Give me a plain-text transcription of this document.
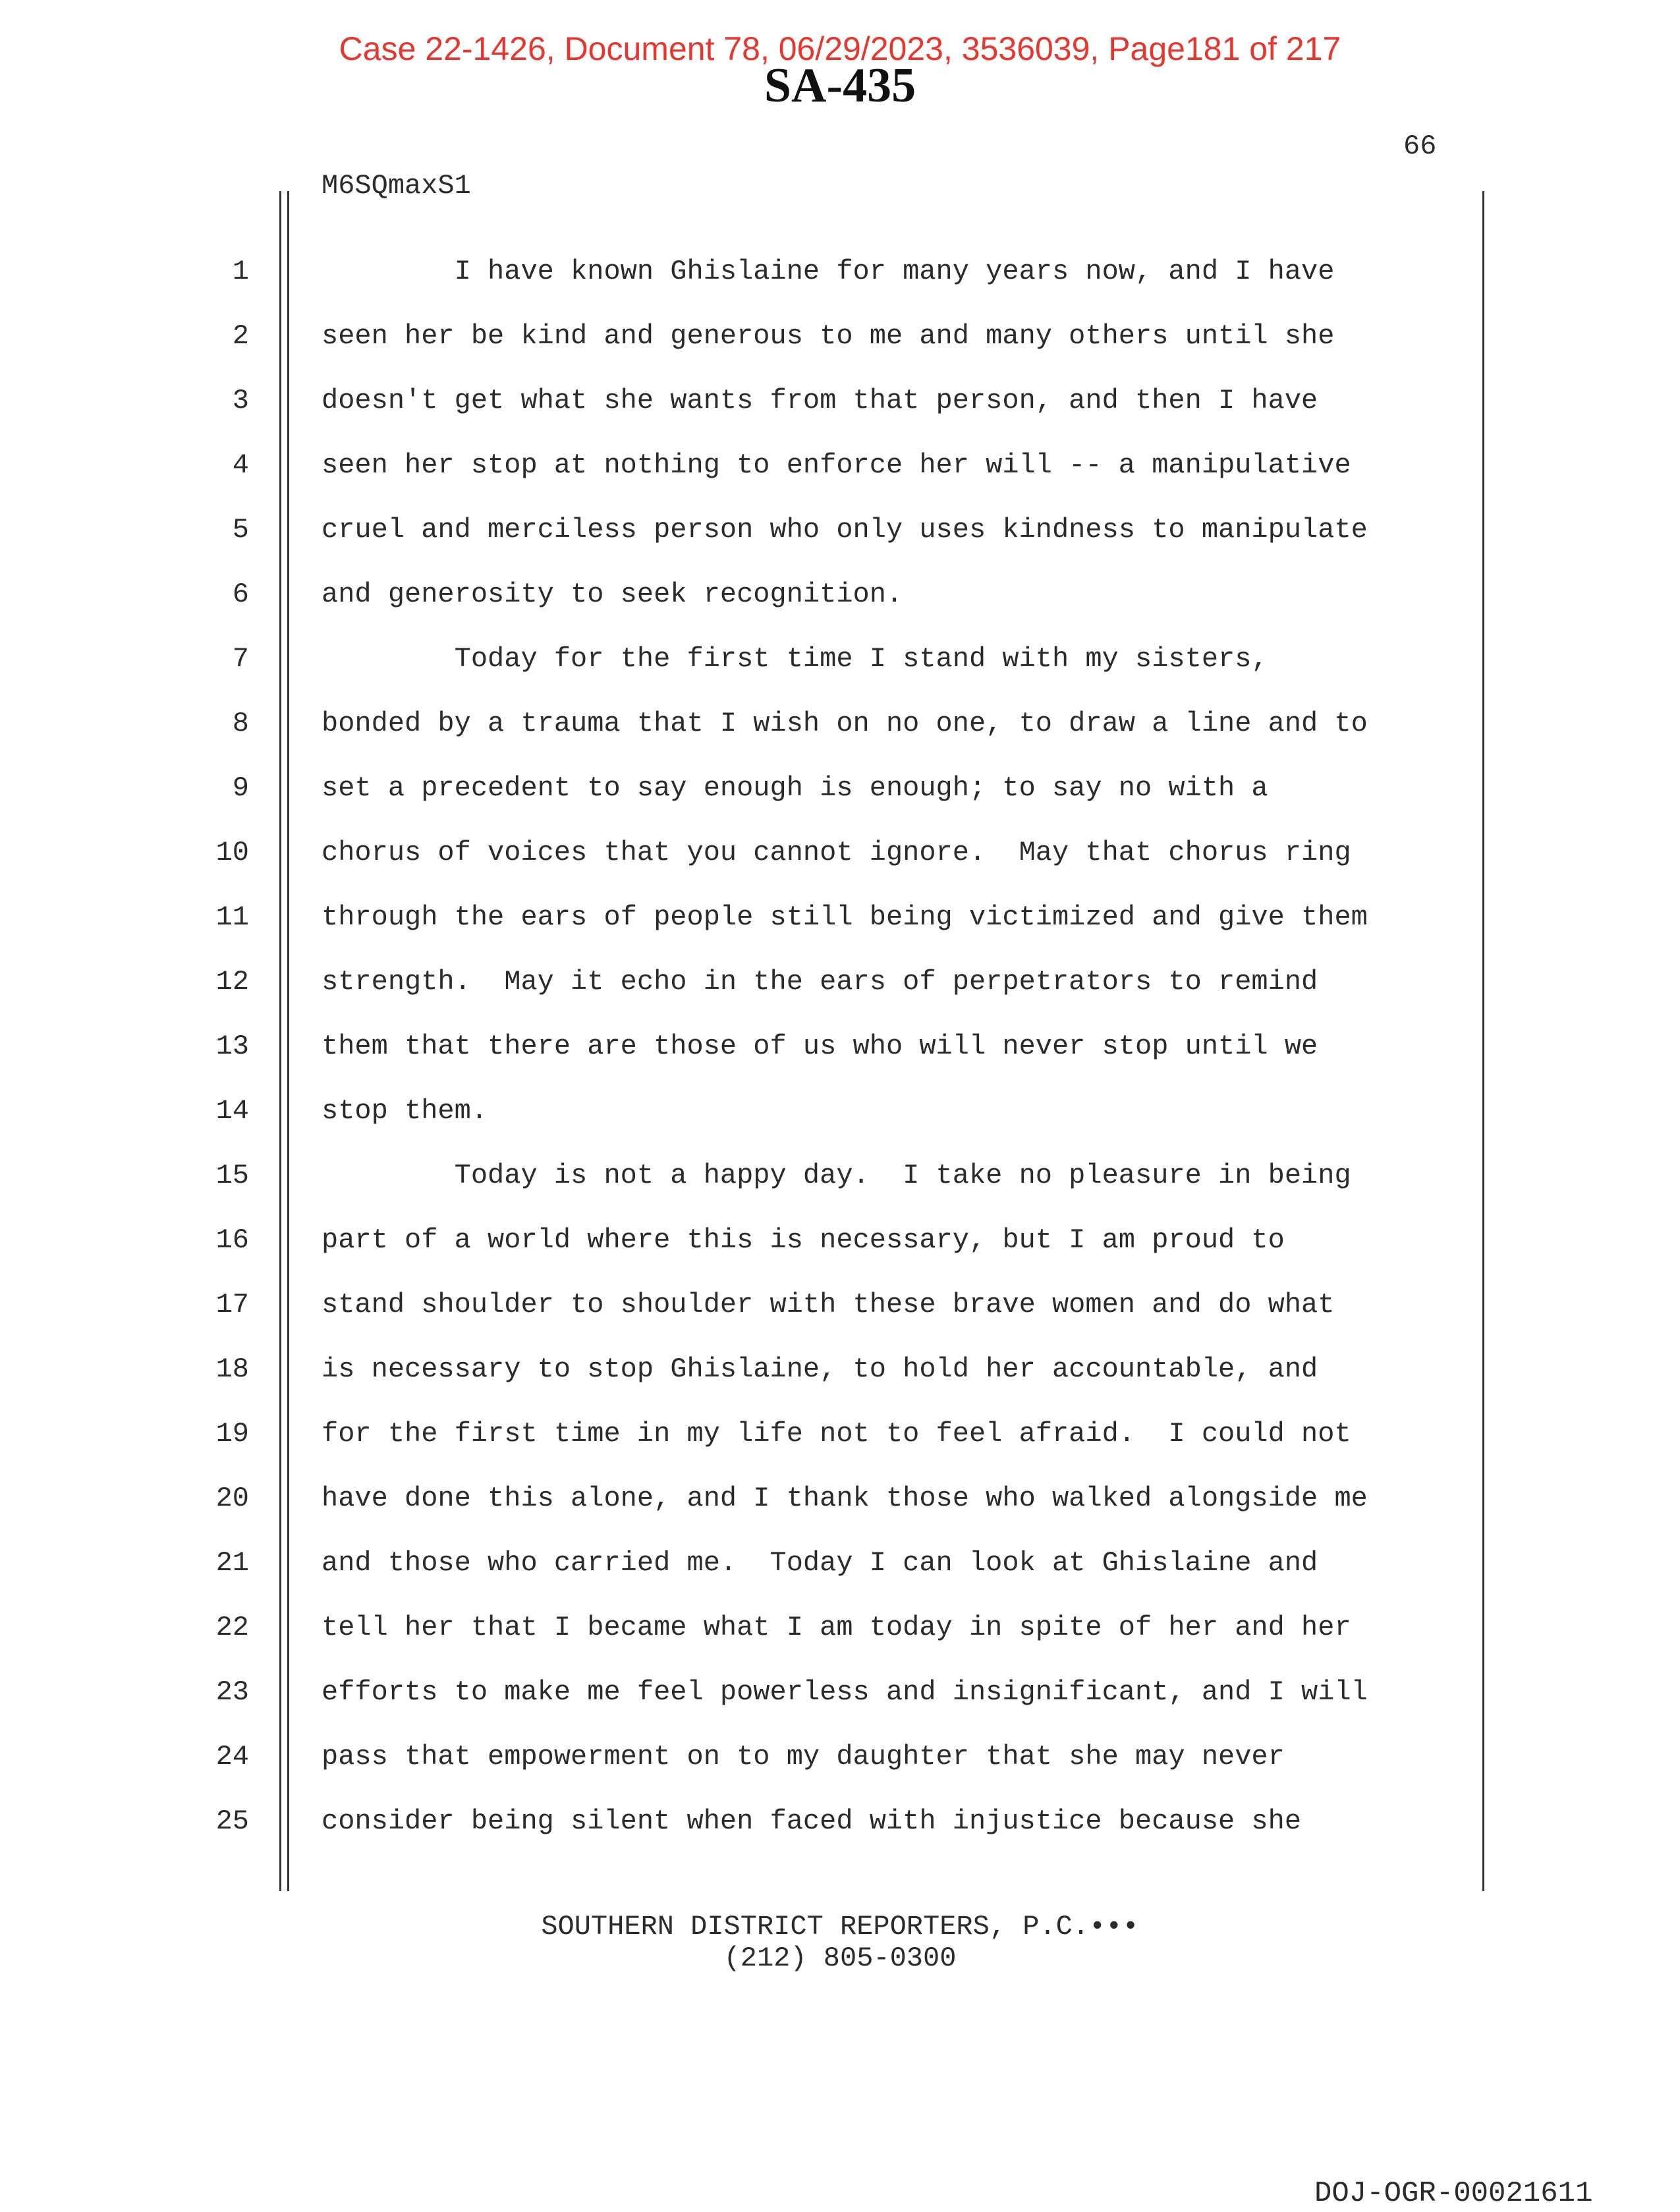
Case 22-1426, Document 78, 06/29/2023, 3536039, Page181 of 217
SA-435
66
M6SQmaxS1
1	I have known Ghislaine for many years now, and I have
2	seen her be kind and generous to me and many others until she
3	doesn't get what she wants from that person, and then I have
4	seen her stop at nothing to enforce her will -- a manipulative
5	cruel and merciless person who only uses kindness to manipulate
6	and generosity to seek recognition.
7	Today for the first time I stand with my sisters,
8	bonded by a trauma that I wish on no one, to draw a line and to
9	set a precedent to say enough is enough; to say no with a
10	chorus of voices that you cannot ignore.  May that chorus ring
11	through the ears of people still being victimized and give them
12	strength.  May it echo in the ears of perpetrators to remind
13	them that there are those of us who will never stop until we
14	stop them.
15	Today is not a happy day.  I take no pleasure in being
16	part of a world where this is necessary, but I am proud to
17	stand shoulder to shoulder with these brave women and do what
18	is necessary to stop Ghislaine, to hold her accountable, and
19	for the first time in my life not to feel afraid.  I could not
20	have done this alone, and I thank those who walked alongside me
21	and those who carried me.  Today I can look at Ghislaine and
22	tell her that I became what I am today in spite of her and her
23	efforts to make me feel powerless and insignificant, and I will
24	pass that empowerment on to my daughter that she may never
25	consider being silent when faced with injustice because she
SOUTHERN DISTRICT REPORTERS, P.C.•••
(212) 805-0300
DOJ-OGR-00021611
